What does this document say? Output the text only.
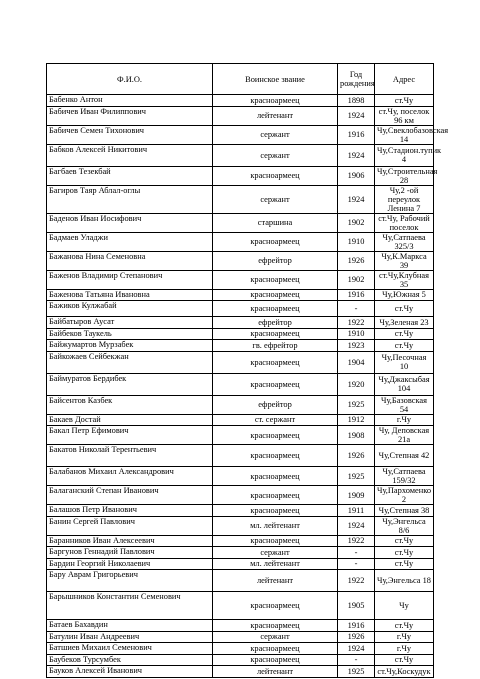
Ф.И.О.	Воинское звание	Год рождения	Адрес
Бабенко Антон	красноармеец	1898	ст.Чу
Бабичев Иван Филиппович	лейтенант	1924	ст.Чу, поселок 96 км
Бабичев Семен Тихонович	сержант	1916	Чу,Свеклобазовская 14
Бабков Алексей Никитович	сержант	1924	Чу,Стадион.тупик 4
Багбаев Тезекбай	красноармеец	1906	Чу,Строительная 28
Багиров Таяр Аблал-оглы	сержант	1924	Чу,2 -ой переулок Ленина 7
Баденов Иван Иосифович	старшина	1902	ст.Чу, Рабочий поселок
Бадмаев Уладжи	красноармеец	1910	Чу,Сатпаева 325/3
Бажанова Нина Семеновна	ефрейтор	1926	Чу,К.Маркса 39
Баженов Владимир Степанович	красноармеец	1902	ст.Чу,Клубная 35
Баженова Татьяна Ивановна	красноармеец	1916	Чу,Южная 5
Бажиков Кулжабай	красноармеец	-	ст.Чу
Байбатыров Аусат	ефрейтор	1922	Чу,Зеленая 23
Байбеков Таукель	красноармеец	1910	ст.Чу
Байжумартов Мурзабек	гв. ефрейтор	1923	ст.Чу
Байкожаев Сейбекжан	красноармеец	1904	Чу,Песочная 10
Баймуратов Бердибек	красноармеец	1920	Чу,Джаксыбая 104
Байсентов Казбек	ефрейтор	1925	Чу,Базовская 54
Бакаев Достай	ст. сержант	1912	г.Чу
Бакал Петр Ефимович	красноармеец	1908	Чу, Деповская 21а
Бакатов Николай Терентьевич	красноармеец	1926	Чу,Степная 42
Балабанов Михаил Александрович	красноармеец	1925	Чу,Сатпаева 159/32
Балаганский Степан Иванович	красноармеец	1909	Чу,Пархоменко 2
Балашов Петр Иванович	красноармеец	1911	Чу,Степная 38
Банин Сергей Павлович	мл. лейтенант	1924	Чу,Энгельса 8/6
Баранников Иван Алексеевич	красноармеец	1922	ст.Чу
Баргунов Геннадий Павлович	сержант	-	ст.Чу
Бардин Георгий Николаевич	мл. лейтенант	-	ст.Чу
Бару Аврам Григорьевич	лейтенант	1922	Чу,Энгельса 18
Барышников Константин Семенович	красноармеец	1905	Чу
Батаев Бахавдин	красноармеец	1916	ст.Чу
Батулин Иван Андреевич	сержант	1926	г.Чу
Батшиев Михаил Семенович	красноармеец	1924	г.Чу
Баубеков Турсумбек	красноармеец	-	ст.Чу
Бауков Алексей Иванович	лейтенант	1925	ст.Чу,Коскудук
